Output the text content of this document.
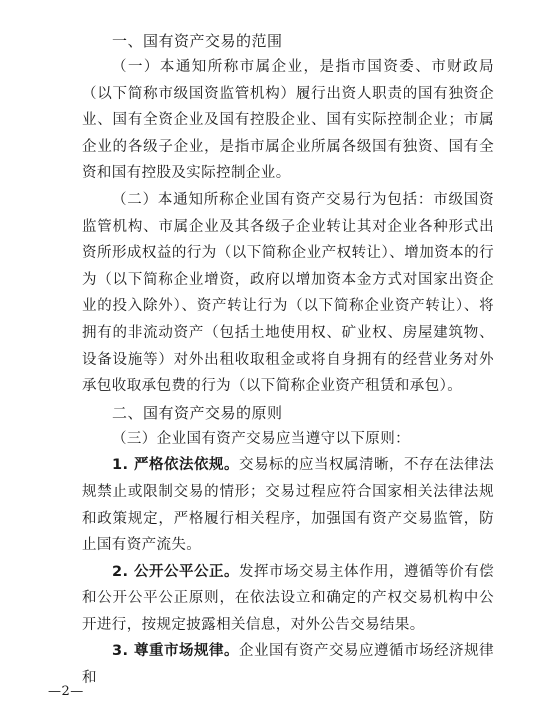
一、国有资产交易的范围

（一）本通知所称市属企业，是指市国资委、市财政局（以下简称市级国资监管机构）履行出资人职责的国有独资企业、国有全资企业及国有控股企业、国有实际控制企业；市属企业的各级子企业，是指市属企业所属各级国有独资、国有全资和国有控股及实际控制企业。

（二）本通知所称企业国有资产交易行为包括：市级国资监管机构、市属企业及其各级子企业转让其对企业各种形式出资所形成权益的行为（以下简称企业产权转让）、增加资本的行为（以下简称企业增资，政府以增加资本金方式对国家出资企业的投入除外）、资产转让行为（以下简称企业资产转让）、将拥有的非流动资产（包括土地使用权、矿业权、房屋建筑物、设备设施等）对外出租收取租金或将自身拥有的经营业务对外承包收取承包费的行为（以下简称企业资产租赁和承包）。

二、国有资产交易的原则

（三）企业国有资产交易应当遵守以下原则：

1. 严格依法依规。交易标的应当权属清晰，不存在法律法规禁止或限制交易的情形；交易过程应符合国家相关法律法规和政策规定，严格履行相关程序，加强国有资产交易监管，防止国有资产流失。

2. 公开公平公正。发挥市场交易主体作用，遵循等价有偿和公开公平公正原则，在依法设立和确定的产权交易机构中公开进行，按规定披露相关信息，对外公告交易结果。

3. 尊重市场规律。企业国有资产交易应遵循市场经济规律和

—2—
